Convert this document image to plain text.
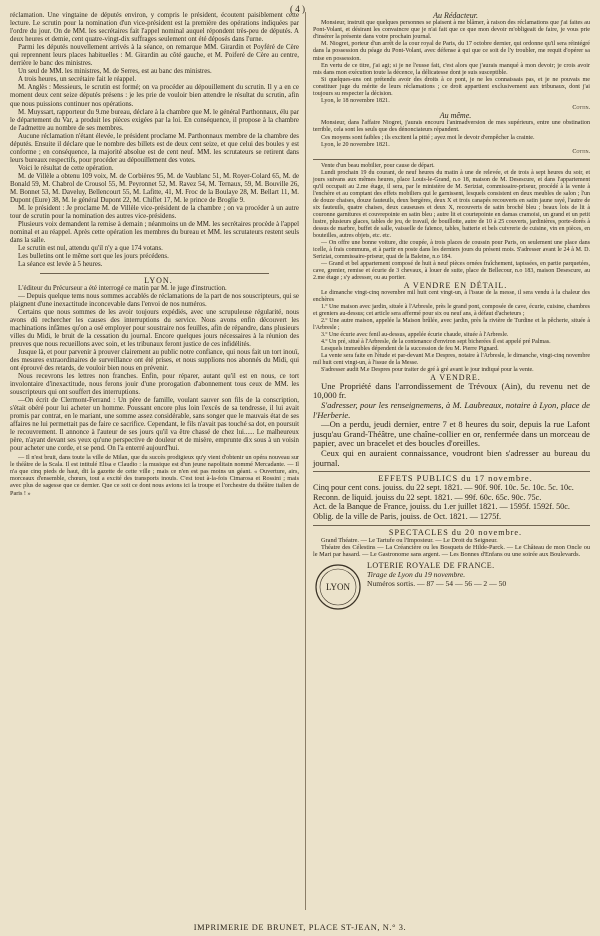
( 4 )

réclamation. Une vingtaine de députés environ, y compris le président, écoutent paisiblement cette lecture. Le scrutin pour la nomination d'un vice-président est la première des opérations indiquées par l'ordre du jour. On de MM. les secrétaires fait l'appel nominal auquel répondent très-peu de députés. A deux heures et demie, cent quatre-vingt-dix suffrages seulement ont été déposés dans l'urne.

Parmi les députés nouvellement arrivés à la séance, on remarque MM. Girardin et Poyféré de Cère qui reprennent leurs places habituelles : M. Girardin au côté gauche, et M. Poiferé de Cère au centre, derrière le banc des ministres.

Un seul de MM. les ministres, M. de Serres, est au banc des ministres.

A trois heures, un secrétaire fait le réappel.

M. Anglès : Messieurs, le scrutin est formé; on va procéder au dépouillement du scrutin. Il y a en ce moment deux cent seize députés présens : je les prie de vouloir bien attendre le résultat du scrutin, afin que nous puissions continuer nos opérations.

M. Muyssart, rapporteur du 9.me bureau, déclare à la chambre que M. le général Parthonnaux, élu par le département du Var, a produit les pièces exigées par la loi. En conséquence, il propose à la chambre de l'admettre au nombre de ses membres.

Aucune réclamation n'étant élevée, le président proclame M. Parthonnaux membre de la chambre des députés. Ensuite il déclare que le nombre des billets est de deux cent seize, et que celui des boules y est conforme ; en conséquence, la majorité absolue est de cent neuf. MM. les scrutateurs se retirent dans leurs bureaux respectifs, pour procéder au dépouillement des votes.

Voici le résultat de cette opération.

M. de Villèle a obtenu 109 voix, M. de Corbières 95, M. de Vaublanc 51, M. Royer-Colard 65, M. de Bonald 59, M. Chabrol de Crousol 55, M. Peyronnet 52, M. Ravez 54, M. Ternaux, 59, M. Bouville 26, M. Bonnet 53, M. Daveluy, Bellencourt 55, M. Lafitte, 41, M. Froc de la Boulaye 28, M. Bellart 11, M. Dupont (Eure) 38, M. le général Dupont 22, M. Chiflet 17, M. le prince de Broglie 9.

M. le président : Je proclame M. de Villèle vice-président de la chambre ; on va procéder à un autre tour de scrutin pour la nomination des autres vice-présidens.

Plusieurs voix demandent la remise à demain ; néanmoins un de MM. les secrétaires procède à l'appel nominal et au réappel. Après cette opération les membres du bureau et MM. les scrutateurs restent seuls dans la salle.

Le scrutin est nul, attendu qu'il n'y a que 174 votans.

Les bulletins ont le même sort que les jours précédens.

La séance est levée à 5 heures.

LYON.

L'éditeur du Précurseur a été interrogé ce matin par M. le juge d'instruction.

— Depuis quelque tems nous sommes accablés de réclamations de la part de nos souscripteurs, qui se plaignent d'une inexactitude inconcevable dans l'envoi de nos numéros.

Certains que nous sommes de les avoir toujours expédiés, avec une scrupuleuse régularité, nous avons dû rechercher les causes des interruptions du service. Nous avons enfin découvert les machinations infâmes qu'on a osé employer pour soustraire nos feuilles, afin de répandre, dans plusieurs villes du Midi, le bruit de la cessation du journal. Encore quelques jours nécessaires à la réunion des preuves que nous recueillons avec soin, et les tribunaux feront justice de ces infidélités.

Jusque là, et pour parvenir à prouver clairement au public notre confiance, qui nous fait un tort inouï, des mesures extraordinaires de surveillance ont été prises, et nous supplions nos abonnés du Midi, qui ont éprouvé des retards, de vouloir bien nous en prévenir.

Nous recevrons les lettres non franches. Enfin, pour réparer, autant qu'il est en nous, ce tort involontaire d'inexactitude, nous ferons jouir d'une prorogation d'abonnement tous ceux de MM. les souscripteurs qui ont souffert des interruptions.

—On écrit de Clermont-Ferrand : Un père de famille, voulant sauver son fils de la conscription, s'était obéré pour lui acheter un homme. Poussant encore plus loin l'excès de sa tendresse, il lui avait promis par contrat, en le mariant, une somme assez considérable, sans songer que le mauvais état de ses affaires ne lui permettait pas de faire ce sacrifice. Cependant, le fils n'avait pas touché sa dot, en poursuit le recouvrement. Il annonce à l'auteur de ses jours qu'il va être chassé de chez lui...... Le malheureux père, n'ayant devant ses yeux qu'une perspective de douleur et de misère, emprunte dix sous à un voisin pour acheter une corde, et se pend. On l'a enterré aujourd'hui.

— Il n'est bruit, dans toute la ville de Milan, que du succès prodigieux qu'y vient d'obtenir un opéra nouveau sur le théâtre de la Scala. Il est intitulé Elisa e Claudio : la musique est d'un jeune napolitain nommé Mercadante. — Il n'a que cinq pieds de haut, dit la gazette de cette ville ; mais ce n'en est pas moins un géant. « Ouverture, airs, morceaux d'ensemble, chœurs, tout a excité des transports inouïs. C'est tout à-la-fois Cimarosa et Rossini ; mais avec plus de sagesse que ce dernier. Que ce soit ce dont nous avions ici la troupe et l'orchestre du théâtre italien de Paris ! »

Au Rédacteur.

Monsieur, instruit que quelques personnes se plaisent à me blâmer, à raison des réclamations que j'ai faites au Pont-Volant, et désirant les convaincre que je n'ai fait que ce que mon devoir m'obligeait de faire, je vous prie d'insérer la présente dans votre prochain journal.

M. Niogret, porteur d'un arrêt de la cour royal de Paris, du 17 octobre dernier, qui ordonne qu'il sera réintégré dans la possession du péage du Pont-Volant, avec défense à qui que ce soit de l'y troubler, me requit d'opérer sa mise en possession.

En vertu de ce titre, j'ai agi; si je ne l'eusse fait, c'est alors que j'aurais manqué à mon devoir; je crois avoir mis dans mon exécution toute la décence, la délicatesse dont je suis susceptible.

Si quelques-uns ont prétendu avoir des droits à ce pont, je ne les connaissais pas, et je ne pouvais me constituer juge du mérite de leurs réclamations ; ce droit appartient exclusivement aux tribunaux, dont j'ai toujours su respecter la décision.

Lyon, le 18 novembre 1821.

Cottin.

Au même.

Monsieur, dans l'affaire Niogret, j'aurais encouru l'animadversion de mes supérieurs, entre une obstination terrible, cela sont les seuls que des dénonciateurs répandent.

Ces moyens sont faibles ; ils excitent la pitié ; ayez moi le devoir d'empêcher la crainte.

Lyon, le 20 novembre 1821.

Cottin.

Vente d'un beau mobilier, pour cause de départ.

Lundi prochain 19 du courant, de neuf heures du matin à une de relevée, et de trois à sept heures du soir, et jours suivans aux mêmes heures, place Louis-le-Grand, n.o 18, maison de M. Desescure, et dans l'appartement qu'il occupait au 2.me étage, il sera, par le ministère de M. Seriziat, commissaire-priseur, procédé à la vente à l'enchère et au comptant des effets mobiliers qui le garnissent, lesquels consistent en deux meubles de salon ; l'un de douze chaises, douze fauteuils, deux bergères, deux X et trois canapés recouverts en satin jaune rayé, l'autre de six fauteuils, quatre chaises, deux causeuses et deux X, recouverts de satin broché bleu ; beaux lois de lit à couronne garnitures et couvrepointe en satin bleu ; autre lit et courtepointe en damas cramoisi, un grand et un petit lustre, plusieurs glaces, tables de jeu, de travail, de bouillotte, autre de 10 à 25 couverts, jardinières, porte-dorés à dessus de marbre, buffet de salle, vaisselle de faïence, tables, batterie et bels cuivrerie de cuisine, vin en pièces, en bouteilles, autres objets, etc. etc.

— On offre une bonne voiture, dite coupée, à trois places de coussin pour Paris, on seulement une place dans icelle, à frais communs, et à partir en poste dans les derniers jours du présent mois. S'adresser avant le 24 à M. D. Seriziat, commissaire-priseur, quai de la Baleine, n.o 184.

— Grand et bel appartement composé de huit à neuf pièces ornées fraîchement, tapissées, en partie parquetées, cave, grenier, remise et écurie de 3 chevaux, à louer de suite, place de Bellecour, n.o 183, maison Desescure, au 2.me étage ; s'y adresser, ou au portier.

A VENDRE EN DÉTAIL.

Le dimanche vingt-cinq novembre mil huit cent vingt-un, à l'issue de la messe, il sera vendu à la chaleur des enchères

1.º Une maison avec jardin, située à l'Arbresle, près le grand pont, composée de cave, écurie, cuisine, chambres et greniers au-dessus; cet article sera affermé pour six ou neuf ans, à défaut d'acheteurs ;

2.º Une autre maison, appelée la Maison brûlée, avec jardin, près la rivière de Turdine et la pêcherie, située à l'Arbresle ;

3.º Une écurie avec fenil au-dessus, appelée écurie chaude, située à l'Arbresle.

4.º Un pré, situé à l'Arbresle, de la contenance d'environ sept bicherées il est appelé pré Palmas.

Lesquels immeubles dépendent de la succession de feu M. Pierre Pignard.

La vente sera faite en l'étude et par-devant M.e Despres, notaire à l'Arbresle, le dimanche, vingt-cinq novembre mil huit cent vingt-un, à l'issue de la Messe.

S'adresser audit M.e Despres pour traiter de gré à gré avant le jour indiqué pour la vente.

A VENDRE.

Une Propriété dans l'arrondissement de Trévoux (Ain), du revenu net de 10,000 fr.

S'adresser, pour les renseignemens, à M. Laubreaux, notaire à Lyon, place de l'Herberie.

—On a perdu, jeudi dernier, entre 7 et 8 heures du soir, depuis la rue Lafont jusqu'au Grand-Théâtre, une chaîne-collier en or, renfermée dans un morceau de papier, avec un bracelet et des boucles d'oreilles.

Ceux qui en auraient connaissance, voudront bien s'adresser au bureau du journal.

EFFETS PUBLICS du 17 novembre.

Cinq pour cent cons. jouiss. du 22 sept. 1821. — 90f. 90f. 10c. 5c. 10c. 5c. 10c.

Reconn. de liquid. jouiss du 22 sept. 1821. — 99f. 60c. 65c. 90c. 75c.

Act. de la Banque de France, jouiss. du 1.er juillet 1821. — 1595f. 1592f. 50c.

Oblig. de la ville de Paris, jouiss. de Oct. 1821. — 1275f.

SPECTACLES du 20 novembre.

Grand Théatre. — Le Tartufe ou l'Imposteur. — Le Droit du Seigneur.

Théatre des Célestins — La Créancière ou les Bosquets de Hilde-Parck. — Le Château de mon Oncle ou le Mari par hasard. — Le Gastronome sans argent. — Les Bonnes d'Enfans ou une soirée aux Boulevards.

LYON

LOTERIE ROYALE DE FRANCE.

Tirage de Lyon du 19 novembre.

Numéros sortis. — 87 — 54 — 56 — 2 — 50

IMPRIMERIE DE BRUNET, PLACE ST-JEAN, N.° 3.
